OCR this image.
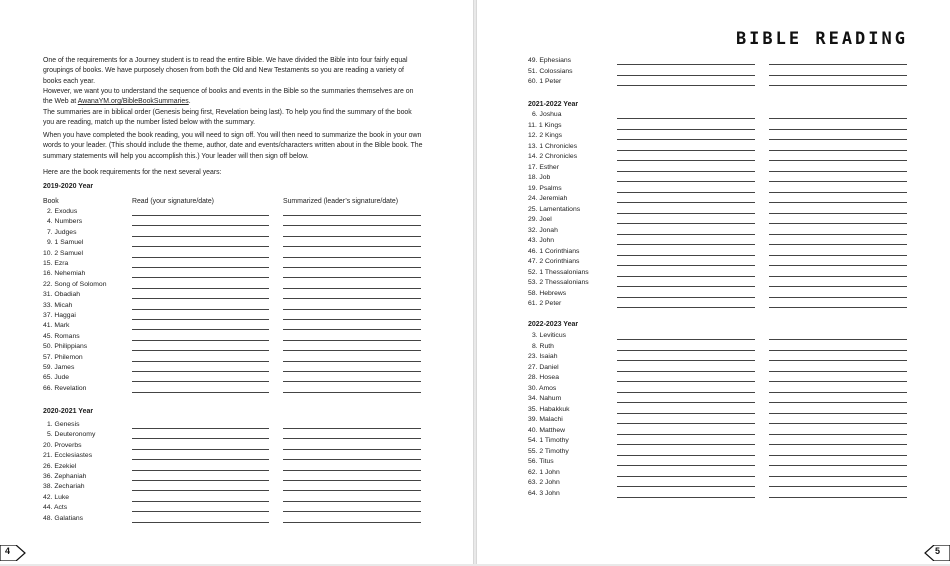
One of the requirements for a Journey student is to read the entire Bible. We have divided the Bible into four fairly equal groupings of books. We have purposely chosen from both the Old and New Testaments so you are reading a variety of books each year.

However, we want you to understand the sequence of books and events in the Bible so the summaries themselves are on the Web at AwanaYM.org/BibleBookSummaries.

The summaries are in biblical order (Genesis being first, Revelation being last). To help you find the summary of the book you are reading, match up the number listed below with the summary.

When you have completed the book reading, you will need to sign off. You will then need to summarize the book in your own words to your leader. (This should include the theme, author, date and events/characters written about in the Bible book. The summary statements will help you accomplish this.) Your leader will then sign off below.

Here are the book requirements for the next several years:

2019-2020 Year
Book	Read (your signature/date)	Summarized (leader’s signature/date)
2. Exodus
4. Numbers
7. Judges
9. 1 Samuel
10. 2 Samuel
15. Ezra
16. Nehemiah
22. Song of Solomon
31. Obadiah
33. Micah
37. Haggai
41. Mark
45. Romans
50. Philippians
57. Philemon
59. James
65. Jude
66. Revelation
2020-2021 Year
1. Genesis
5. Deuteronomy
20. Proverbs
21. Ecclesiastes
26. Ezekiel
36. Zephaniah
38. Zechariah
42. Luke
44. Acts
48. Galatians
4
BIBLE READING
49. Ephesians
51. Colossians
60. 1 Peter
2021-2022 Year
6. Joshua
11. 1 Kings
12. 2 Kings
13. 1 Chronicles
14. 2 Chronicles
17. Esther
18. Job
19. Psalms
24. Jeremiah
25. Lamentations
29. Joel
32. Jonah
43. John
46. 1 Corinthians
47. 2 Corinthians
52. 1 Thessalonians
53. 2 Thessalonians
58. Hebrews
61. 2 Peter
2022-2023 Year
3. Leviticus
8. Ruth
23. Isaiah
27. Daniel
28. Hosea
30. Amos
34. Nahum
35. Habakkuk
39. Malachi
40. Matthew
54. 1 Timothy
55. 2 Timothy
56. Titus
62. 1 John
63. 2 John
64. 3 John
5
